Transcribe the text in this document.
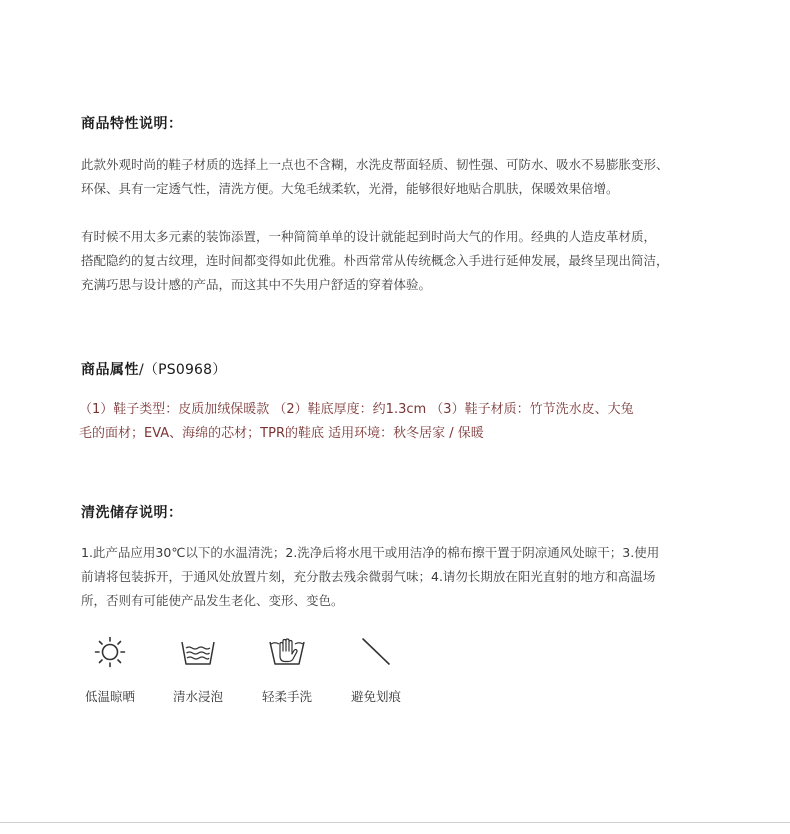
商品特性说明：
此款外观时尚的鞋子材质的选择上一点也不含糊，水洗皮帮面轻质、韧性强、可防水、吸水不易膨胀变形、
环保、具有一定透气性，清洗方便。大兔毛绒柔软，光滑，能够很好地贴合肌肤，保暖效果倍增。
有时候不用太多元素的装饰添置，一种简简单单的设计就能起到时尚大气的作用。经典的人造皮革材质，
搭配隐约的复古纹理，连时间都变得如此优雅。朴西常常从传统概念入手进行延伸发展，最终呈现出简洁，
充满巧思与设计感的产品，而这其中不失用户舒适的穿着体验。
商品属性/（PS0968）
（1）鞋子类型：皮质加绒保暖款 （2）鞋底厚度：约1.3cm （3）鞋子材质：竹节洗水皮、大兔
毛的面材；EVA、海绵的芯材；TPR的鞋底 适用环境：秋冬居家 / 保暖
清洗储存说明：
1.此产品应用30℃以下的水温清洗；2.洗净后将水甩干或用洁净的棉布擦干置于阴凉通风处晾干；3.使用
前请将包装拆开，于通风处放置片刻，充分散去残余微弱气味；4.请勿长期放在阳光直射的地方和高温场
所，否则有可能使产品发生老化、变形、变色。
低温晾晒	清水浸泡	轻柔手洗	避免划痕
